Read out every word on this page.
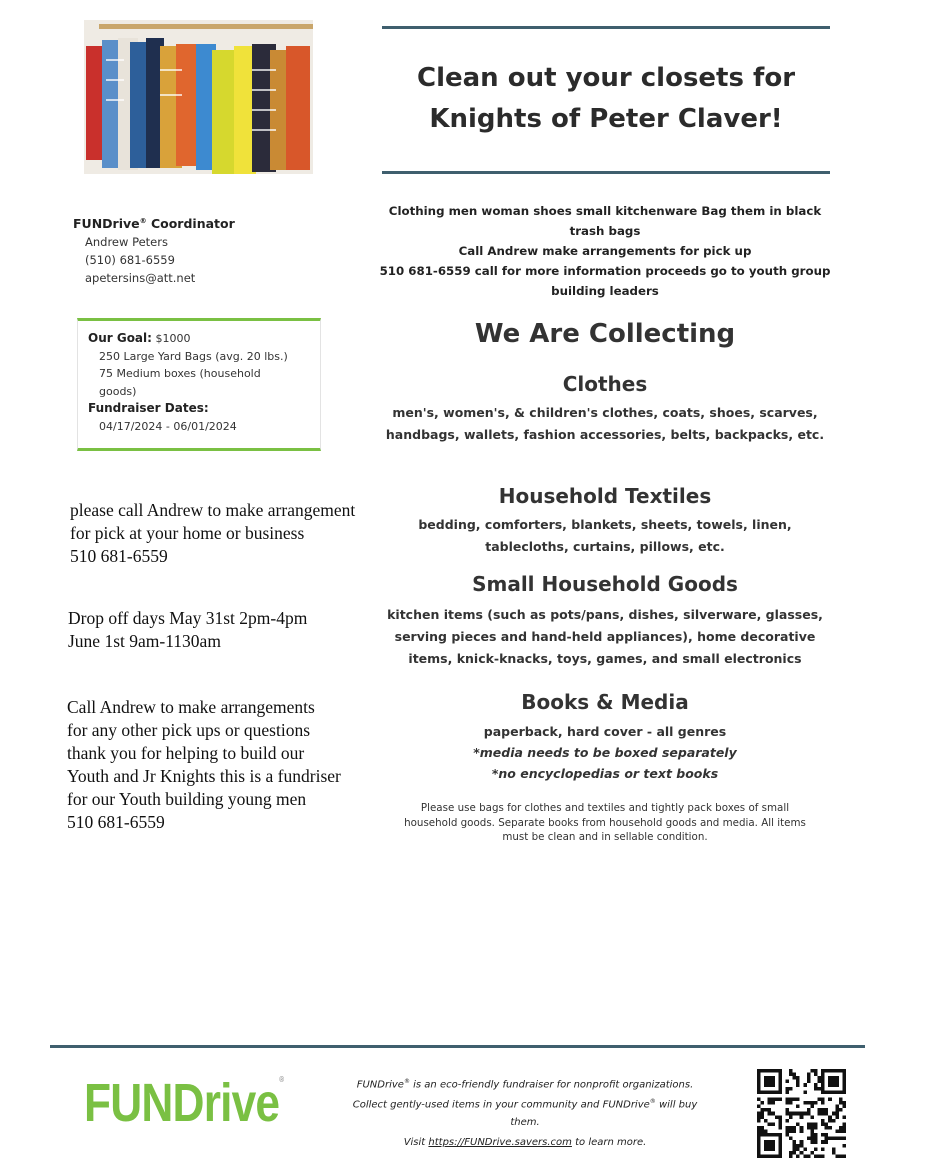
Clean out your closets for
Knights of Peter Claver!
FUNDrive® Coordinator
Andrew Peters
(510) 681-6559
apetersins@att.net
Clothing men woman shoes small kitchenware Bag them in black
trash bags
Call Andrew make arrangements for pick up
510 681-6559 call for more information proceeds go to youth group
building leaders
Our Goal: $1000
250 Large Yard Bags (avg. 20 lbs.)
75 Medium boxes (household
goods)
Fundraiser Dates:
04/17/2024 - 06/01/2024
We Are Collecting
Clothes
men's, women's, & children's clothes, coats, shoes, scarves,
handbags, wallets, fashion accessories, belts, backpacks, etc.
Household Textiles
bedding, comforters, blankets, sheets, towels, linen,
tablecloths, curtains, pillows, etc.
Small Household Goods
kitchen items (such as pots/pans, dishes, silverware, glasses,
serving pieces and hand-held appliances), home decorative
items, knick-knacks, toys, games, and small electronics
Books & Media
paperback, hard cover - all genres
*media needs to be boxed separately
*no encyclopedias or text books
Please use bags for clothes and textiles and tightly pack boxes of small
household goods. Separate books from household goods and media. All items
must be clean and in sellable condition.
please call Andrew to make arrangement
for pick at your home or business
510 681-6559
Drop off days May 31st 2pm-4pm
June 1st 9am-1130am
Call Andrew to make arrangements
for any other pick ups or questions
thank you for helping to build our
Youth and Jr Knights this is a fundriser
for our Youth building young men
510 681-6559
FUNDrive®	FUNDrive® is an eco-friendly fundraiser for nonprofit organizations.
Collect gently-used items in your community and FUNDrive® will buy
them.
Visit https://FUNDrive.savers.com to learn more.
